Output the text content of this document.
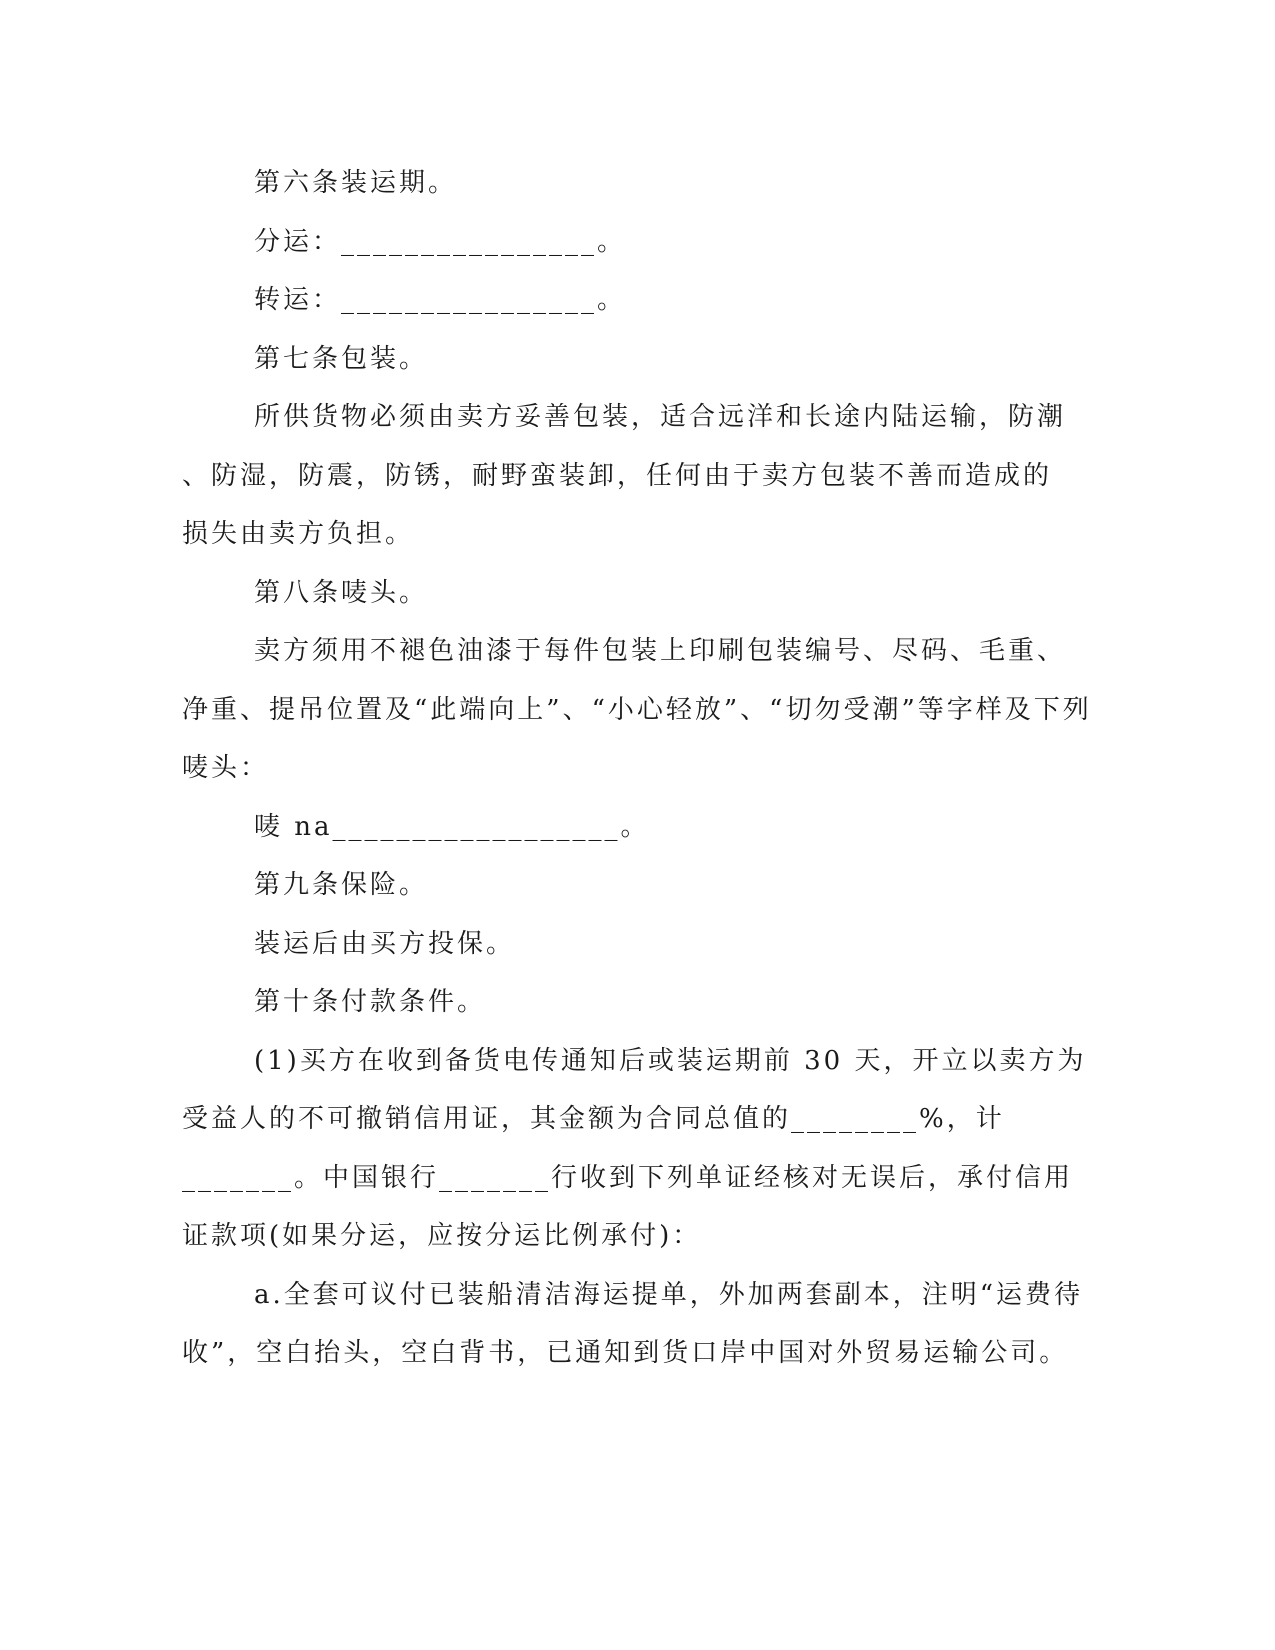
第六条装运期。
分运：________________。
转运：________________。
第七条包装。
所供货物必须由卖方妥善包装，适合远洋和长途内陆运输，防潮
、防湿，防震，防锈，耐野蛮装卸，任何由于卖方包装不善而造成的
损失由卖方负担。
第八条唛头。
卖方须用不褪色油漆于每件包装上印刷包装编号、尽码、毛重、
净重、提吊位置及“此端向上”、“小心轻放”、“切勿受潮”等字样及下列
唛头：
唛 na__________________。
第九条保险。
装运后由买方投保。
第十条付款条件。
(1)买方在收到备货电传通知后或装运期前 30 天，开立以卖方为
受益人的不可撤销信用证，其金额为合同总值的________%，计
_______。中国银行_______行收到下列单证经核对无误后，承付信用
证款项(如果分运，应按分运比例承付)：
a.全套可议付已装船清洁海运提单，外加两套副本，注明“运费待
收”，空白抬头，空白背书，已通知到货口岸中国对外贸易运输公司。
